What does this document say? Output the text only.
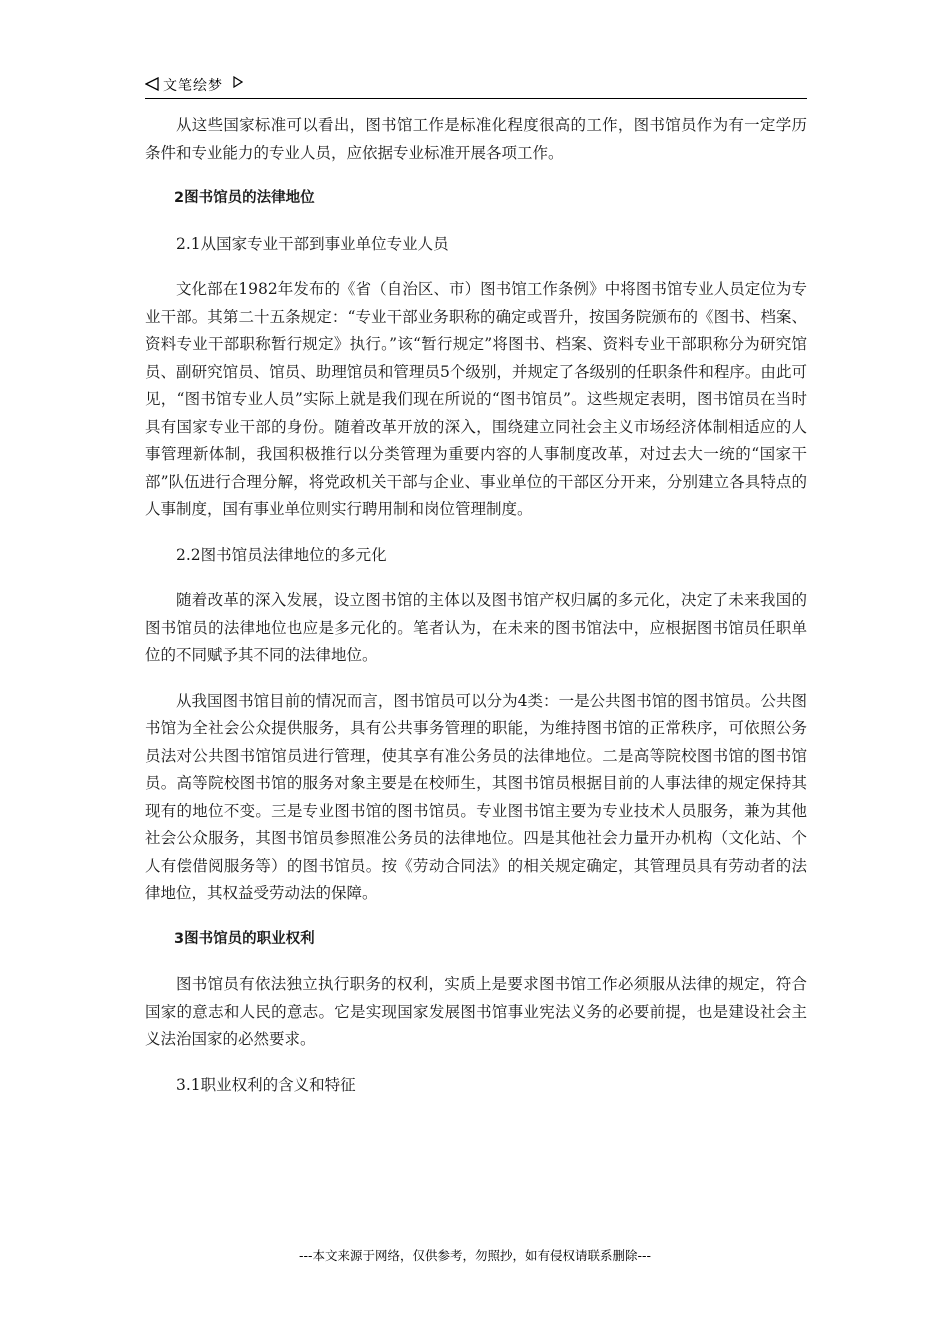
文笔绘梦

从这些国家标准可以看出，图书馆工作是标准化程度很高的工作，图书馆员作为有一定学历条件和专业能力的专业人员，应依据专业标准开展各项工作。

2图书馆员的法律地位

2.1从国家专业干部到事业单位专业人员

文化部在1982年发布的《省（自治区、市）图书馆工作条例》中将图书馆专业人员定位为专业干部。其第二十五条规定：“专业干部业务职称的确定或晋升，按国务院颁布的《图书、档案、资料专业干部职称暂行规定》执行。”该“暂行规定”将图书、档案、资料专业干部职称分为研究馆员、副研究馆员、馆员、助理馆员和管理员5个级别，并规定了各级别的任职条件和程序。由此可见，“图书馆专业人员”实际上就是我们现在所说的“图书馆员”。这些规定表明，图书馆员在当时具有国家专业干部的身份。随着改革开放的深入，围绕建立同社会主义市场经济体制相适应的人事管理新体制，我国积极推行以分类管理为重要内容的人事制度改革，对过去大一统的“国家干部”队伍进行合理分解，将党政机关干部与企业、事业单位的干部区分开来，分别建立各具特点的人事制度，国有事业单位则实行聘用制和岗位管理制度。

2.2图书馆员法律地位的多元化

随着改革的深入发展，设立图书馆的主体以及图书馆产权归属的多元化，决定了未来我国的图书馆员的法律地位也应是多元化的。笔者认为，在未来的图书馆法中，应根据图书馆员任职单位的不同赋予其不同的法律地位。

从我国图书馆目前的情况而言，图书馆员可以分为4类：一是公共图书馆的图书馆员。公共图书馆为全社会公众提供服务，具有公共事务管理的职能，为维持图书馆的正常秩序，可依照公务员法对公共图书馆馆员进行管理，使其享有准公务员的法律地位。二是高等院校图书馆的图书馆员。高等院校图书馆的服务对象主要是在校师生，其图书馆员根据目前的人事法律的规定保持其现有的地位不变。三是专业图书馆的图书馆员。专业图书馆主要为专业技术人员服务，兼为其他社会公众服务，其图书馆员参照准公务员的法律地位。四是其他社会力量开办机构（文化站、个人有偿借阅服务等）的图书馆员。按《劳动合同法》的相关规定确定，其管理员具有劳动者的法律地位，其权益受劳动法的保障。

3图书馆员的职业权利

图书馆员有依法独立执行职务的权利，实质上是要求图书馆工作必须服从法律的规定，符合国家的意志和人民的意志。它是实现国家发展图书馆事业宪法义务的必要前提，也是建设社会主义法治国家的必然要求。

3.1职业权利的含义和特征

---本文来源于网络，仅供参考，勿照抄，如有侵权请联系删除---
